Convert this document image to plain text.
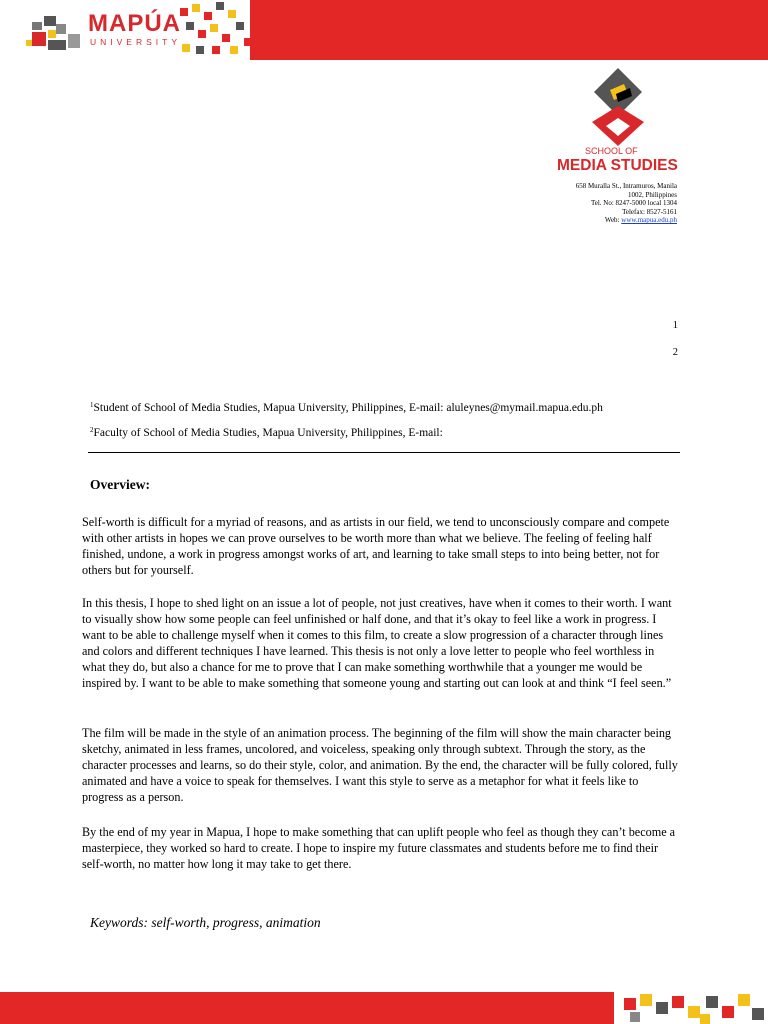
MAPÚA
UNIVERSITY
SCHOOL OF
MEDIA STUDIES
658 Muralla St., Intramuros, Manila
1002, Philippines
Tel. No: 8247-5000 local 1304
Telefax: 8527-5161
Web: www.mapua.edu.ph
1
2
$^1$Student of School of Media Studies, Mapua University, Philippines, E-mail: aluleynes@mymail.mapua.edu.ph
$^2$Faculty of School of Media Studies, Mapua University, Philippines, E-mail:
Overview:

Self-worth is difficult for a myriad of reasons, and as artists in our field, we tend to unconsciously compare and compete with other artists in hopes we can prove ourselves to be worth more than what we believe. The feeling of feeling half finished, undone, a work in progress amongst works of art, and learning to take small steps to into being better, not for others but for yourself.

In this thesis, I hope to shed light on an issue a lot of people, not just creatives, have when it comes to their worth. I want to visually show how some people can feel unfinished or half done, and that it’s okay to feel like a work in progress. I want to be able to challenge myself when it comes to this film, to create a slow progression of a character through lines and colors and different techniques I have learned. This thesis is not only a love letter to people who feel worthless in what they do, but also a chance for me to prove that I can make something worthwhile that a younger me would be inspired by. I want to be able to make something that someone young and starting out can look at and think “I feel seen.”

The film will be made in the style of an animation process. The beginning of the film will show the main character being sketchy, animated in less frames, uncolored, and voiceless, speaking only through subtext. Through the story, as the character processes and learns, so do their style, color, and animation. By the end, the character will be fully colored, fully animated and have a voice to speak for themselves. I want this style to serve as a metaphor for what it feels like to progress as a person.

By the end of my year in Mapua, I hope to make something that can uplift people who feel as though they can’t become a masterpiece, they worked so hard to create. I hope to inspire my future classmates and students before me to find their self-worth, no matter how long it may take to get there.

Keywords: self-worth, progress, animation
